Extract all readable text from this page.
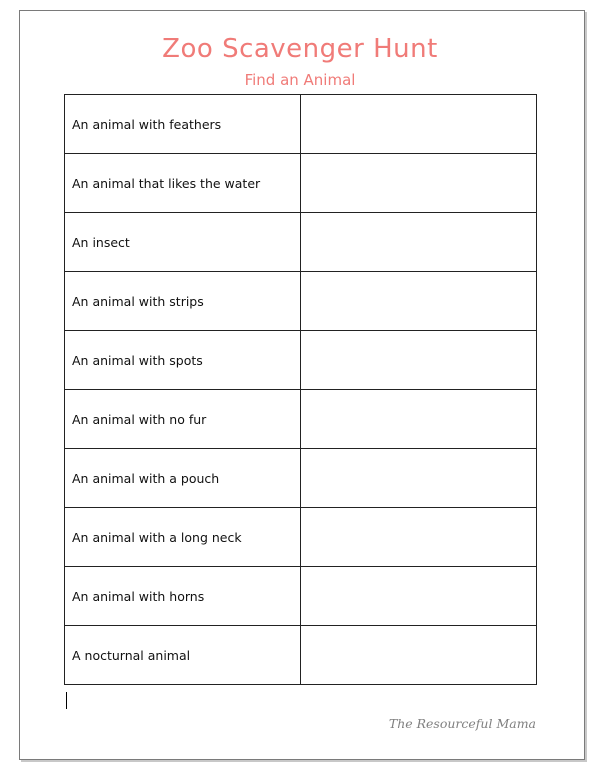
Zoo Scavenger Hunt
Find an Animal
An animal with feathers	
An animal that likes the water	
An insect	
An animal with strips	
An animal with spots	
An animal with no fur	
An animal with a pouch	
An animal with a long neck	
An animal with horns	
A nocturnal animal	
The Resourceful Mama
